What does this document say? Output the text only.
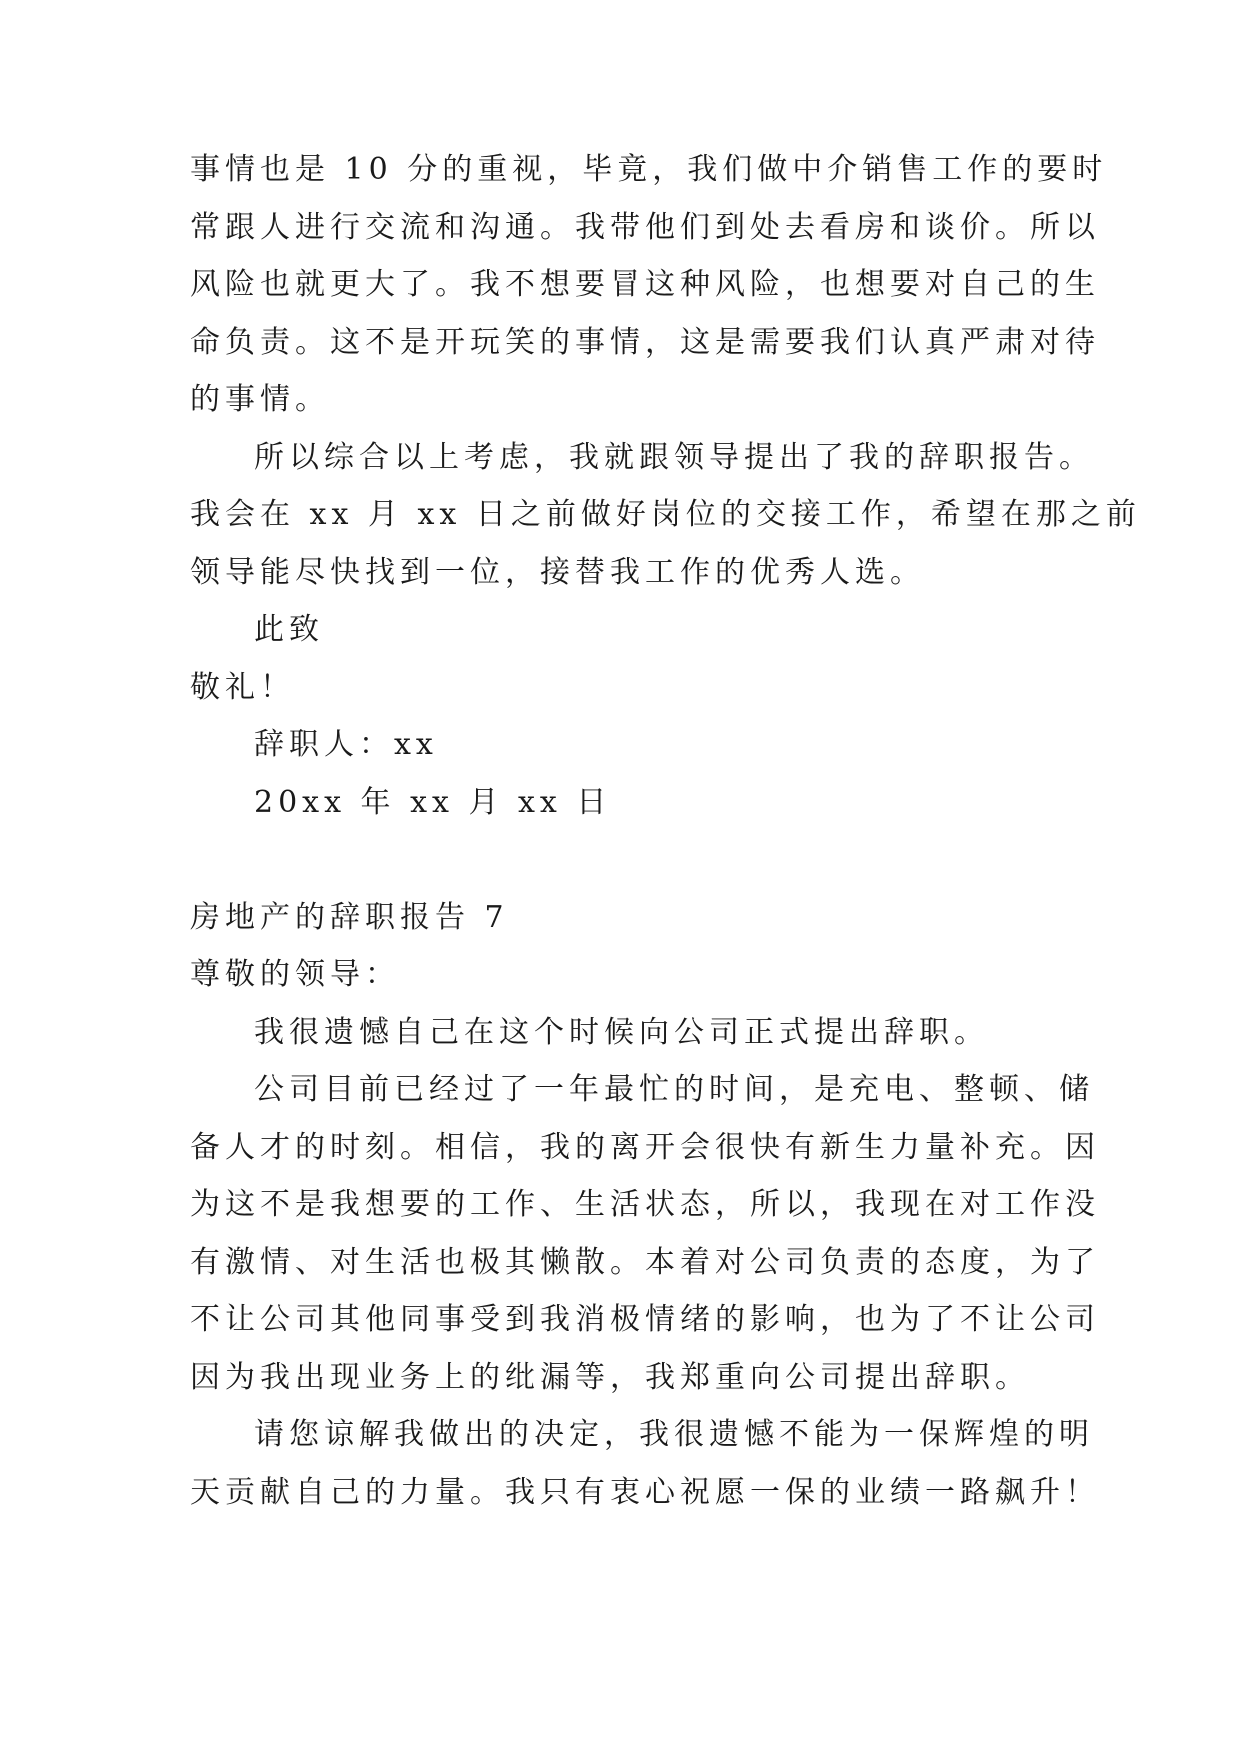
事情也是 10 分的重视，毕竟，我们做中介销售工作的要时
常跟人进行交流和沟通。我带他们到处去看房和谈价。所以
风险也就更大了。我不想要冒这种风险，也想要对自己的生
命负责。这不是开玩笑的事情，这是需要我们认真严肃对待
的事情。
所以综合以上考虑，我就跟领导提出了我的辞职报告。
我会在 xx 月 xx 日之前做好岗位的交接工作，希望在那之前
领导能尽快找到一位，接替我工作的优秀人选。
此致
敬礼！
辞职人：xx
20xx 年 xx 月 xx 日
房地产的辞职报告 7
尊敬的领导：
我很遗憾自己在这个时候向公司正式提出辞职。
公司目前已经过了一年最忙的时间，是充电、整顿、储
备人才的时刻。相信，我的离开会很快有新生力量补充。因
为这不是我想要的工作、生活状态，所以，我现在对工作没
有激情、对生活也极其懒散。本着对公司负责的态度，为了
不让公司其他同事受到我消极情绪的影响，也为了不让公司
因为我出现业务上的纰漏等，我郑重向公司提出辞职。
请您谅解我做出的决定，我很遗憾不能为一保辉煌的明
天贡献自己的力量。我只有衷心祝愿一保的业绩一路飙升！
